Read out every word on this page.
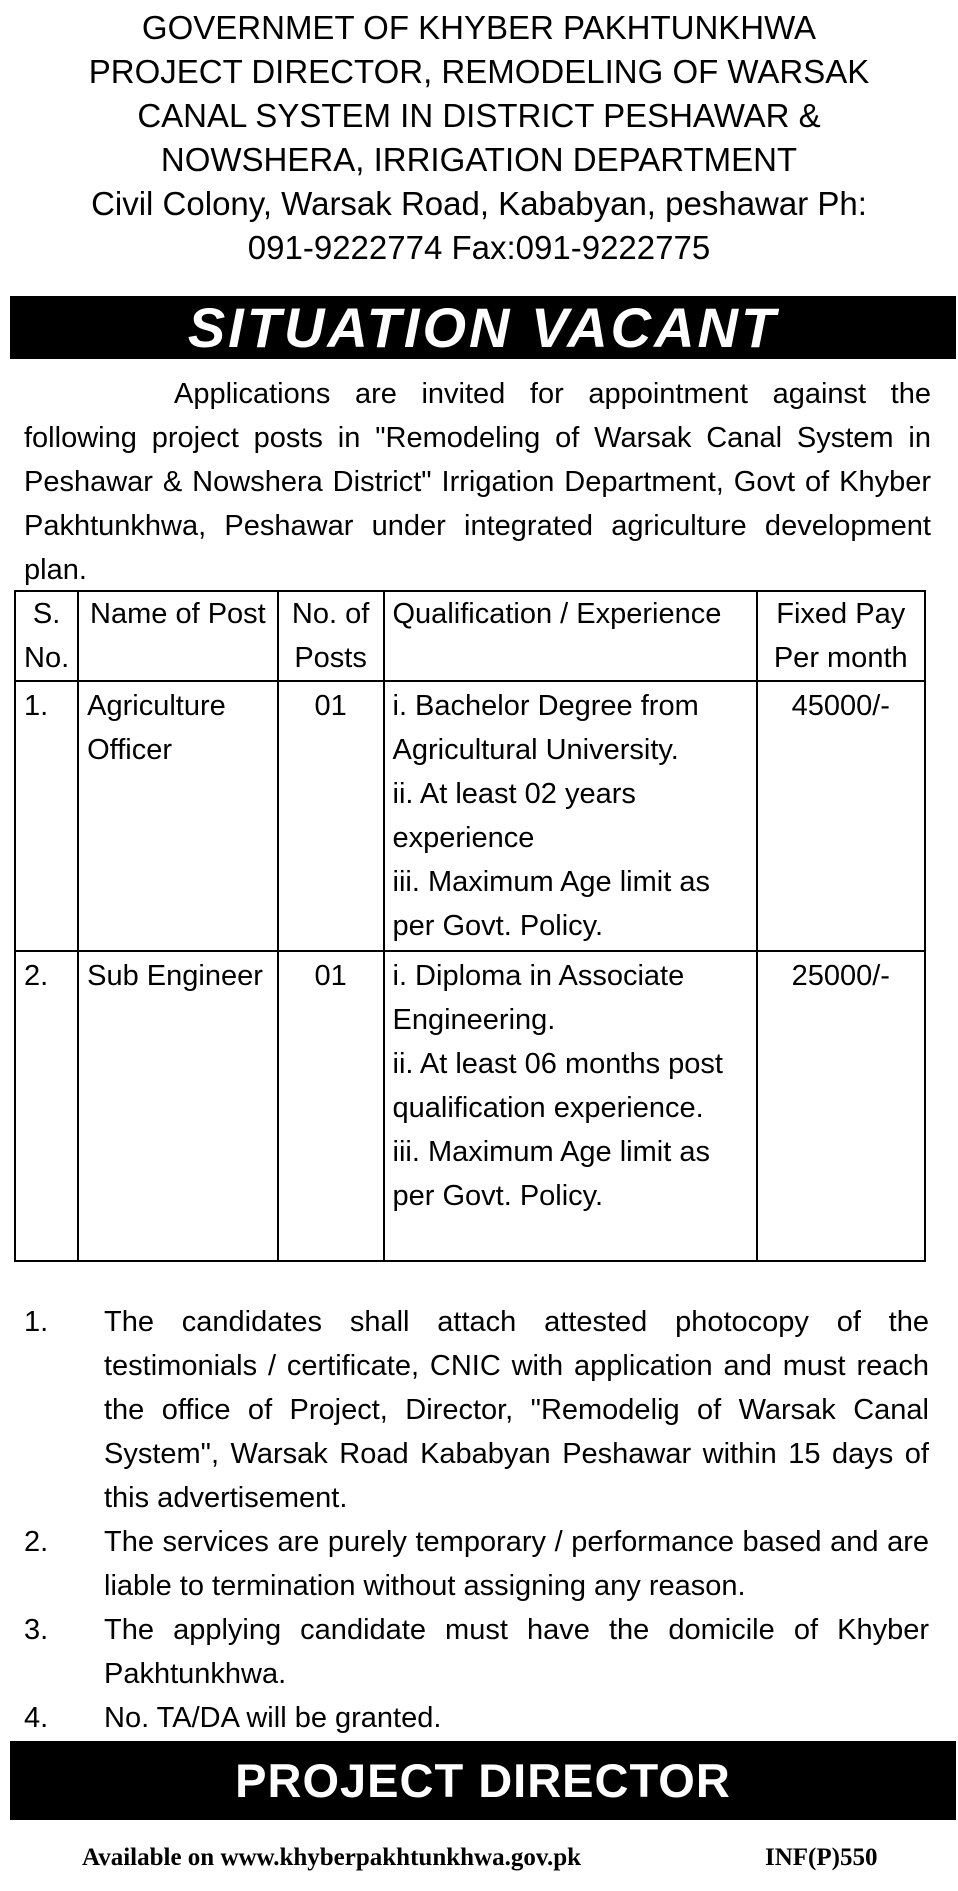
GOVERNMET OF KHYBER PAKHTUNKHWA
PROJECT DIRECTOR, REMODELING OF WARSAK
CANAL SYSTEM IN DISTRICT PESHAWAR &
NOWSHERA, IRRIGATION DEPARTMENT
Civil Colony, Warsak Road, Kababyan, peshawar Ph:
091-9222774 Fax:091-9222775
SITUATION VACANT

Applications are invited for appointment against the following project posts in "Remodeling of Warsak Canal System in Peshawar & Nowshera District" Irrigation Department, Govt of Khyber Pakhtunkhwa, Peshawar under integrated agriculture development plan.

S. No.	Name of Post	No. of Posts	Qualification / Experience	Fixed Pay Per month
1.	Agriculture Officer	01	i. Bachelor Degree from Agricultural University.
ii. At least 02 years experience
iii. Maximum Age limit as per Govt. Policy.	45000/-
2.	Sub Engineer	01	i. Diploma in Associate Engineering.
ii. At least 06 months post qualification experience.
iii. Maximum Age limit as per Govt. Policy.	25000/-
1.	The candidates shall attach attested photocopy of the testimonials / certificate, CNIC with application and must reach the office of Project, Director, "Remodelig of Warsak Canal System", Warsak Road Kababyan Peshawar within 15 days of this advertisement.
2.	The services are purely temporary / performance based and are liable to termination without assigning any reason.
3.	The applying candidate must have the domicile of Khyber Pakhtunkhwa.
4.	No. TA/DA will be granted.
PROJECT DIRECTOR
Available on www.khyberpakhtunkhwa.gov.pk	INF(P)550
